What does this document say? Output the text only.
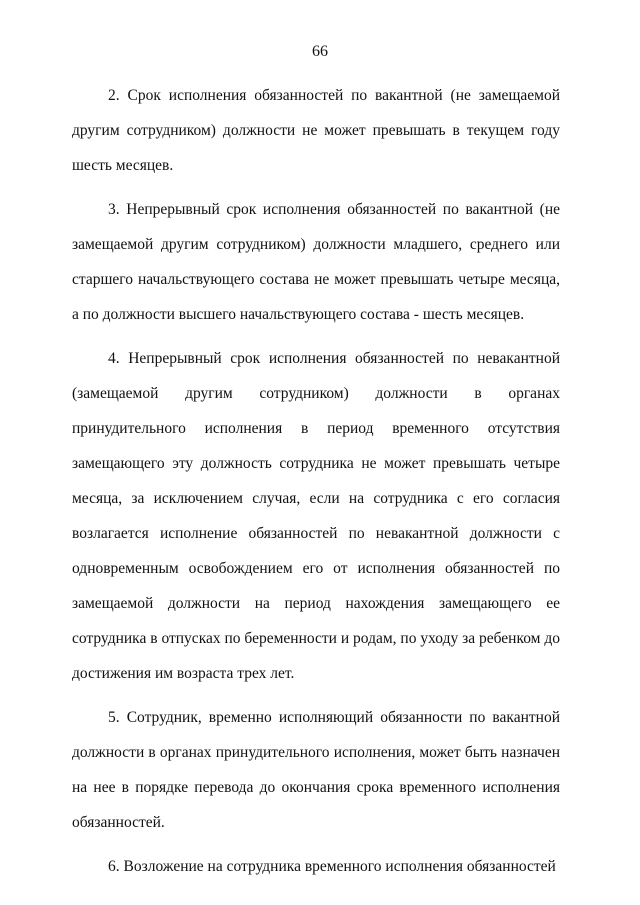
66

2. Срок исполнения обязанностей по вакантной (не замещаемой другим сотрудником) должности не может превышать в текущем году шесть месяцев.

3. Непрерывный срок исполнения обязанностей по вакантной (не замещаемой другим сотрудником) должности младшего, среднего или старшего начальствующего состава не может превышать четыре месяца, а по должности высшего начальствующего состава - шесть месяцев.

4. Непрерывный срок исполнения обязанностей по невакантной (замещаемой другим сотрудником) должности в органах принудительного исполнения в период временного отсутствия замещающего эту должность сотрудника не может превышать четыре месяца, за исключением случая, если на сотрудника с его согласия возлагается исполнение обязанностей по невакантной должности с одновременным освобождением его от исполнения обязанностей по замещаемой должности на период нахождения замещающего ее сотрудника в отпусках по беременности и родам, по уходу за ребенком до достижения им возраста трех лет.

5. Сотрудник, временно исполняющий обязанности по вакантной должности в органах принудительного исполнения, может быть назначен на нее в порядке перевода до окончания срока временного исполнения обязанностей.

6. Возложение на сотрудника временного исполнения обязанностей
